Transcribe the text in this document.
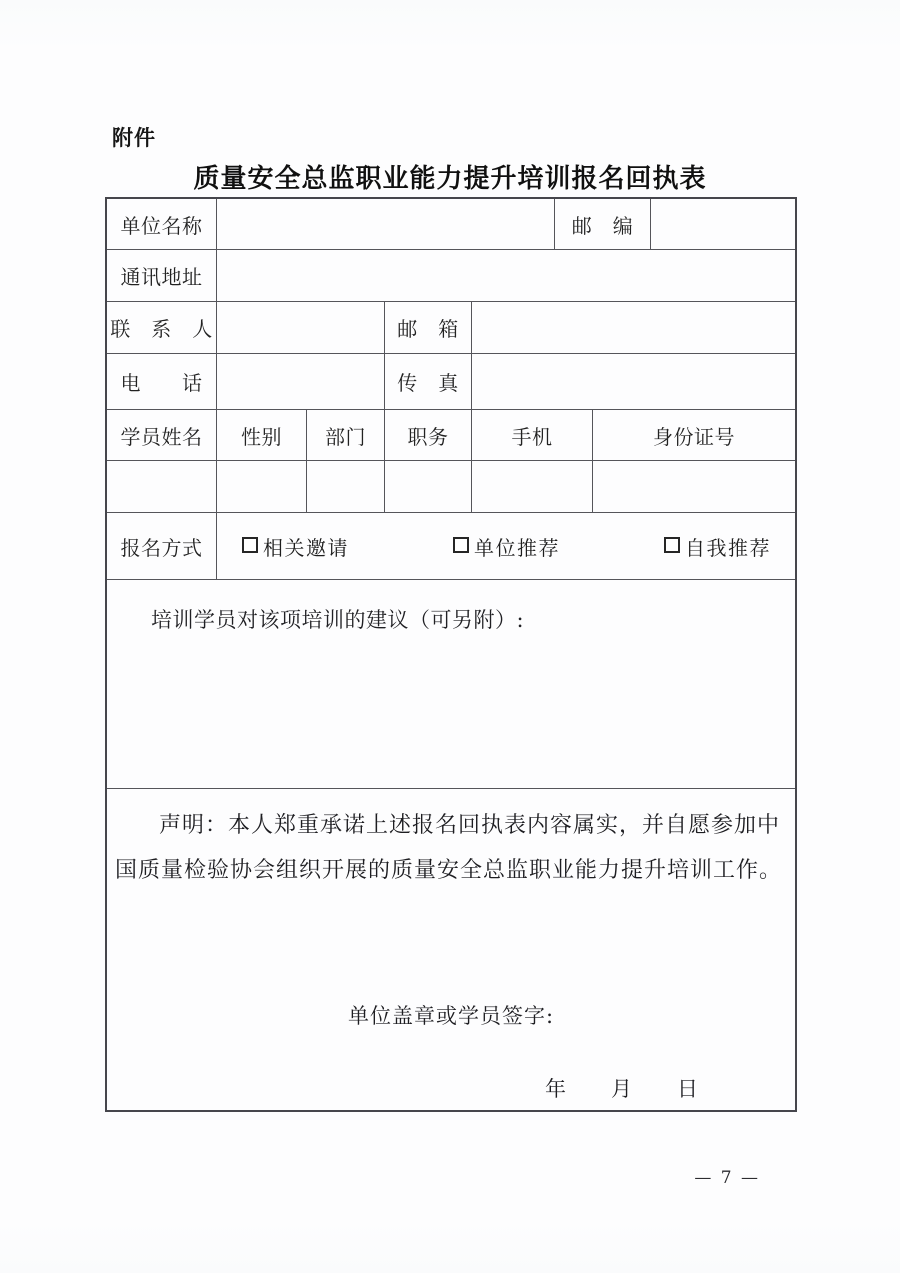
附件
质量安全总监职业能力提升培训报名回执表
单位名称	邮　编
通讯地址
联　系　人	邮　箱
电　　话	传　真
学员姓名	性别	部门	职务	手机	身份证号
报名方式	相关邀请	单位推荐	自我推荐
培训学员对该项培训的建议（可另附）:

声明：本人郑重承诺上述报名回执表内容属实，并自愿参加中国质量检验协会组织开展的质量安全总监职业能力提升培训工作。

单位盖章或学员签字:
年　　月　　日
— 7 —
